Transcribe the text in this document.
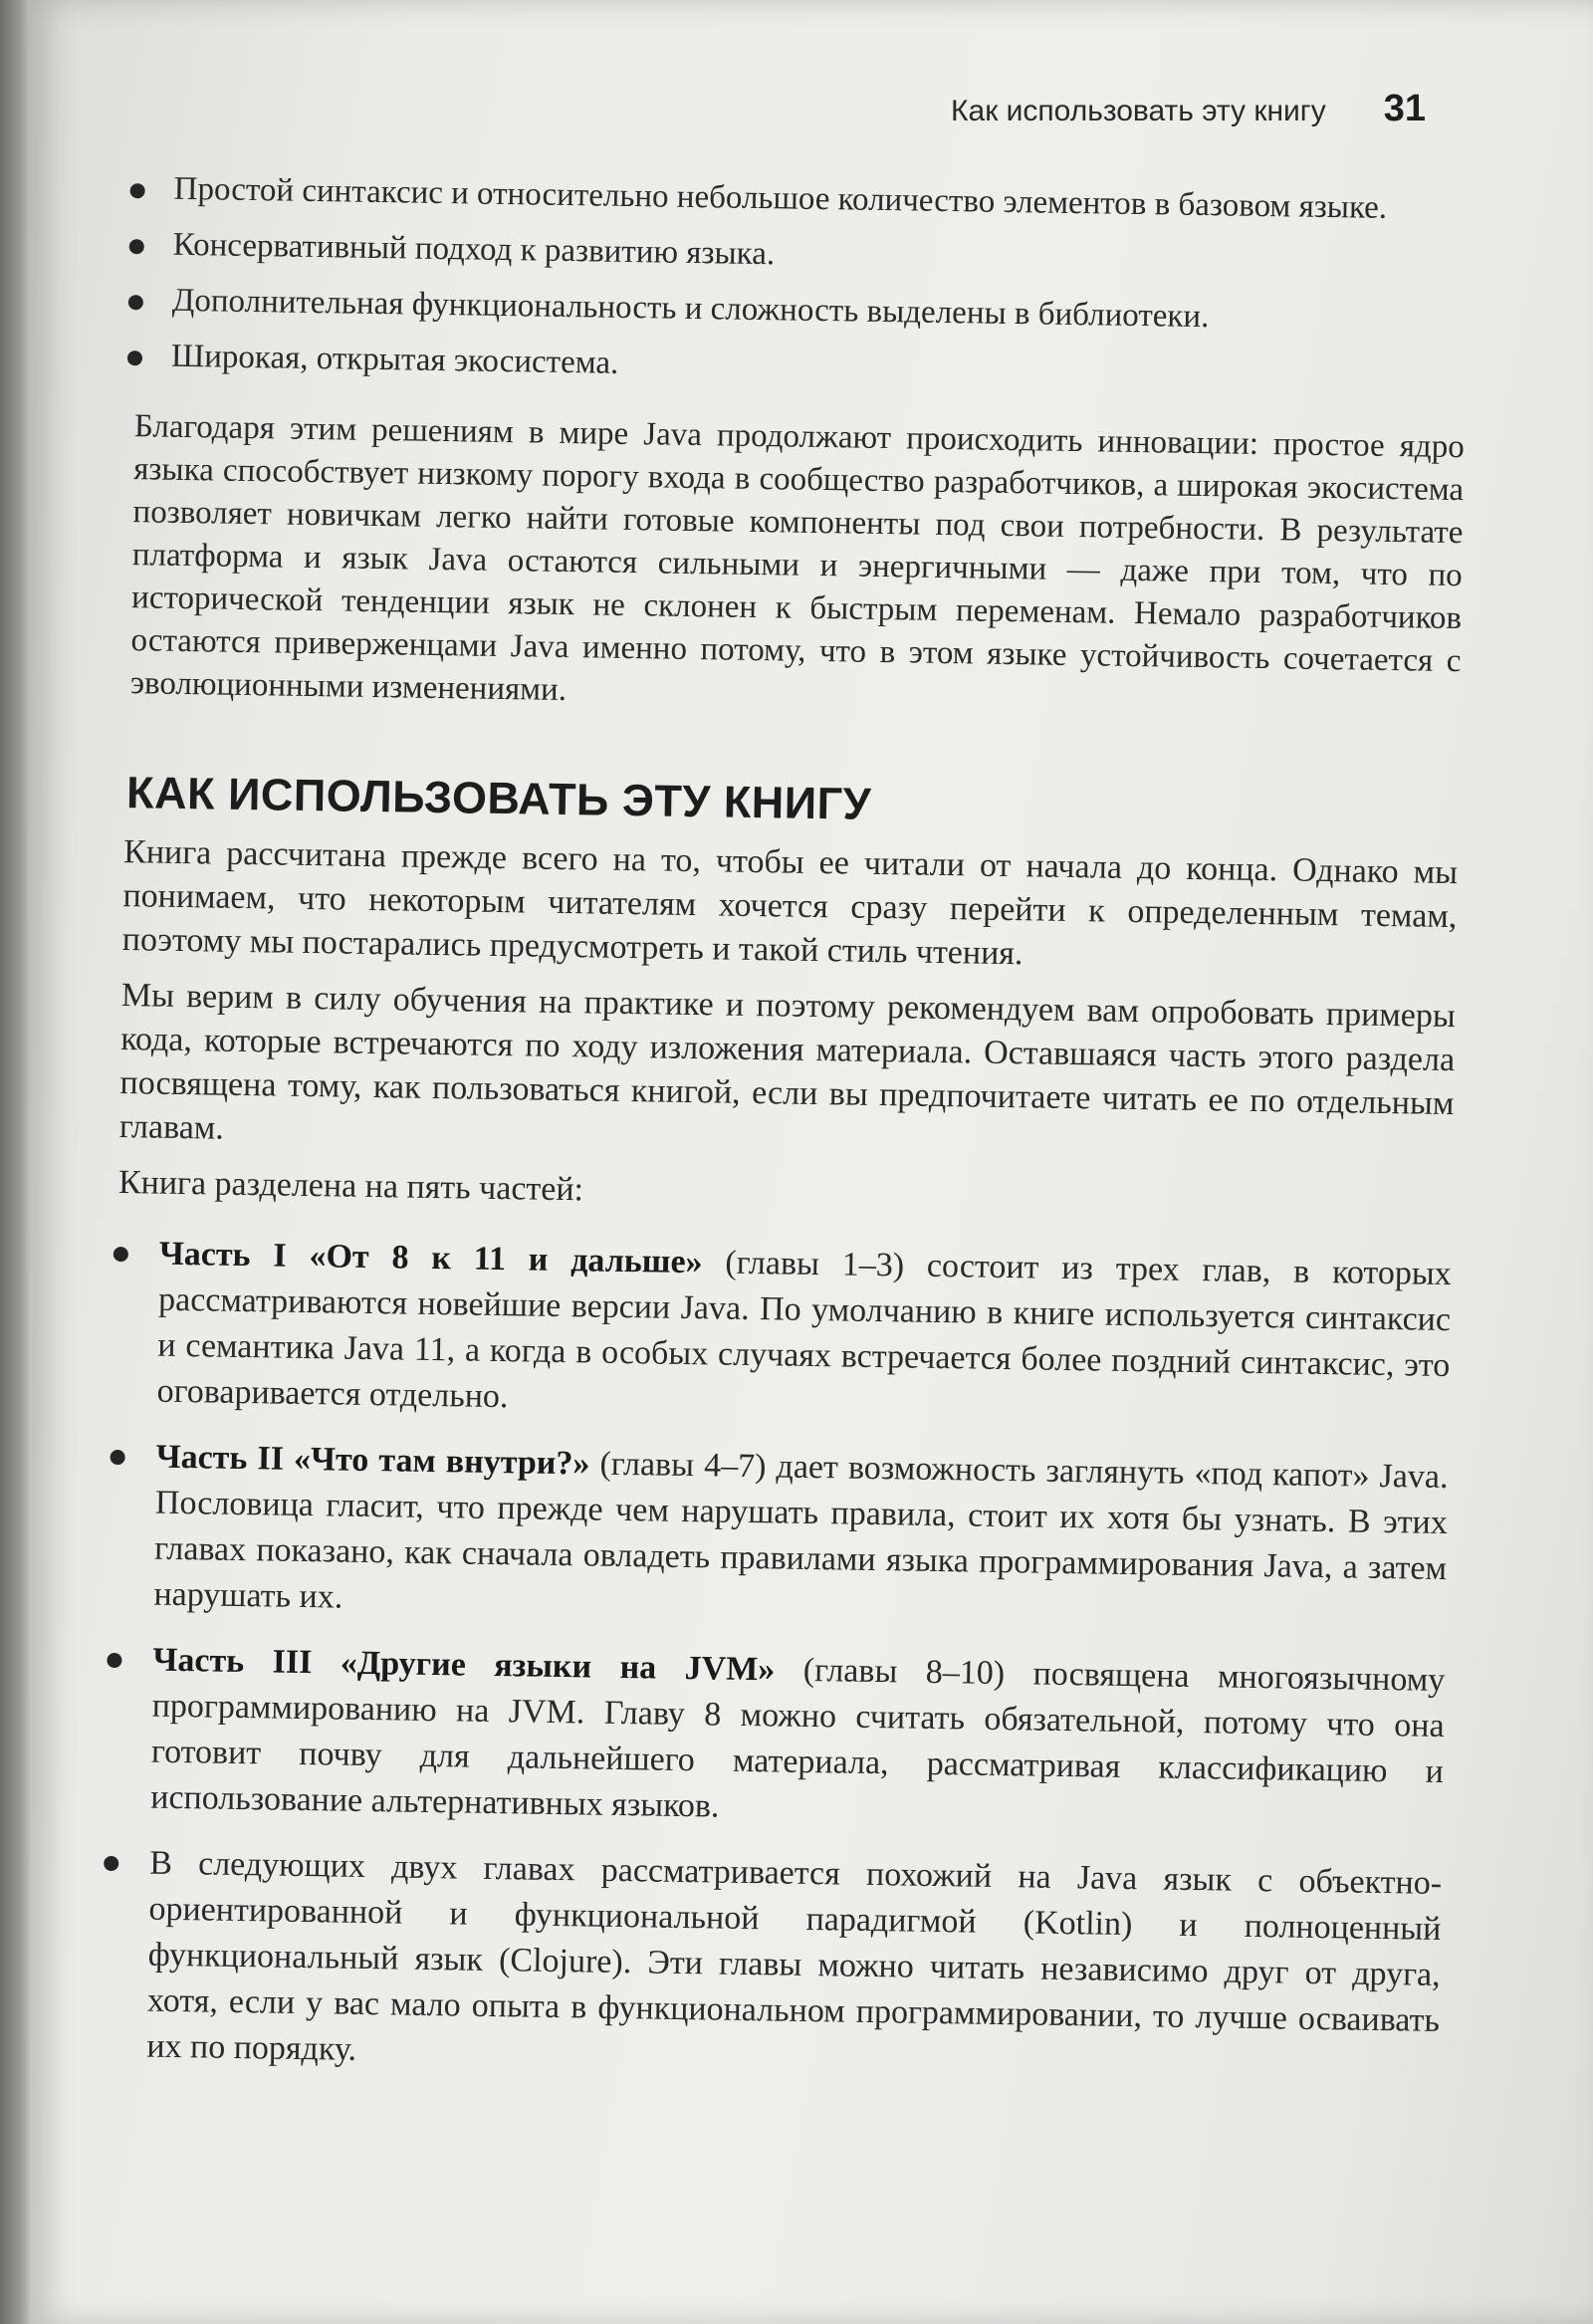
Как использовать эту книгу 31
Простой синтаксис и относительно небольшое количество элементов в базовом языке.
Консервативный подход к развитию языка.
Дополнительная функциональность и сложность выделены в библиотеки.
Широкая, открытая экосистема.

Благодаря этим решениям в мире Java продолжают происходить инновации: простое ядро языка способствует низкому порогу входа в сообщество разработчиков, а широкая экосистема позволяет новичкам легко найти готовые компоненты под свои потребности. В результате платформа и язык Java остаются сильными и энергичными — даже при том, что по исторической тенденции язык не склонен к быстрым переменам. Немало разработчиков остаются приверженцами Java именно потому, что в этом языке устойчивость сочетается с эволюционными изменениями.

КАК ИСПОЛЬЗОВАТЬ ЭТУ КНИГУ

Книга рассчитана прежде всего на то, чтобы ее читали от начала до конца. Однако мы понимаем, что некоторым читателям хочется сразу перейти к определенным темам, поэтому мы постарались предусмотреть и такой стиль чтения.

Мы верим в силу обучения на практике и поэтому рекомендуем вам опробовать примеры кода, которые встречаются по ходу изложения материала. Оставшаяся часть этого раздела посвящена тому, как пользоваться книгой, если вы предпочитаете читать ее по отдельным главам.

Книга разделена на пять частей:

Часть I «От 8 к 11 и дальше» (главы 1–3) состоит из трех глав, в которых рассматриваются новейшие версии Java. По умолчанию в книге используется синтаксис и семантика Java 11, а когда в особых случаях встречается более поздний синтаксис, это оговаривается отдельно.
Часть II «Что там внутри?» (главы 4–7) дает возможность заглянуть «под капот» Java. Пословица гласит, что прежде чем нарушать правила, стоит их хотя бы узнать. В этих главах показано, как сначала овладеть правилами языка программирования Java, а затем нарушать их.
Часть III «Другие языки на JVM» (главы 8–10) посвящена многоязычному программированию на JVM. Главу 8 можно считать обязательной, потому что она готовит почву для дальнейшего материала, рассматривая классификацию и использование альтернативных языков.
В следующих двух главах рассматривается похожий на Java язык с объектно-ориентированной и функциональной парадигмой (Kotlin) и полноценный функциональный язык (Clojure). Эти главы можно читать независимо друг от друга, хотя, если у вас мало опыта в функциональном программировании, то лучше осваивать их по порядку.
